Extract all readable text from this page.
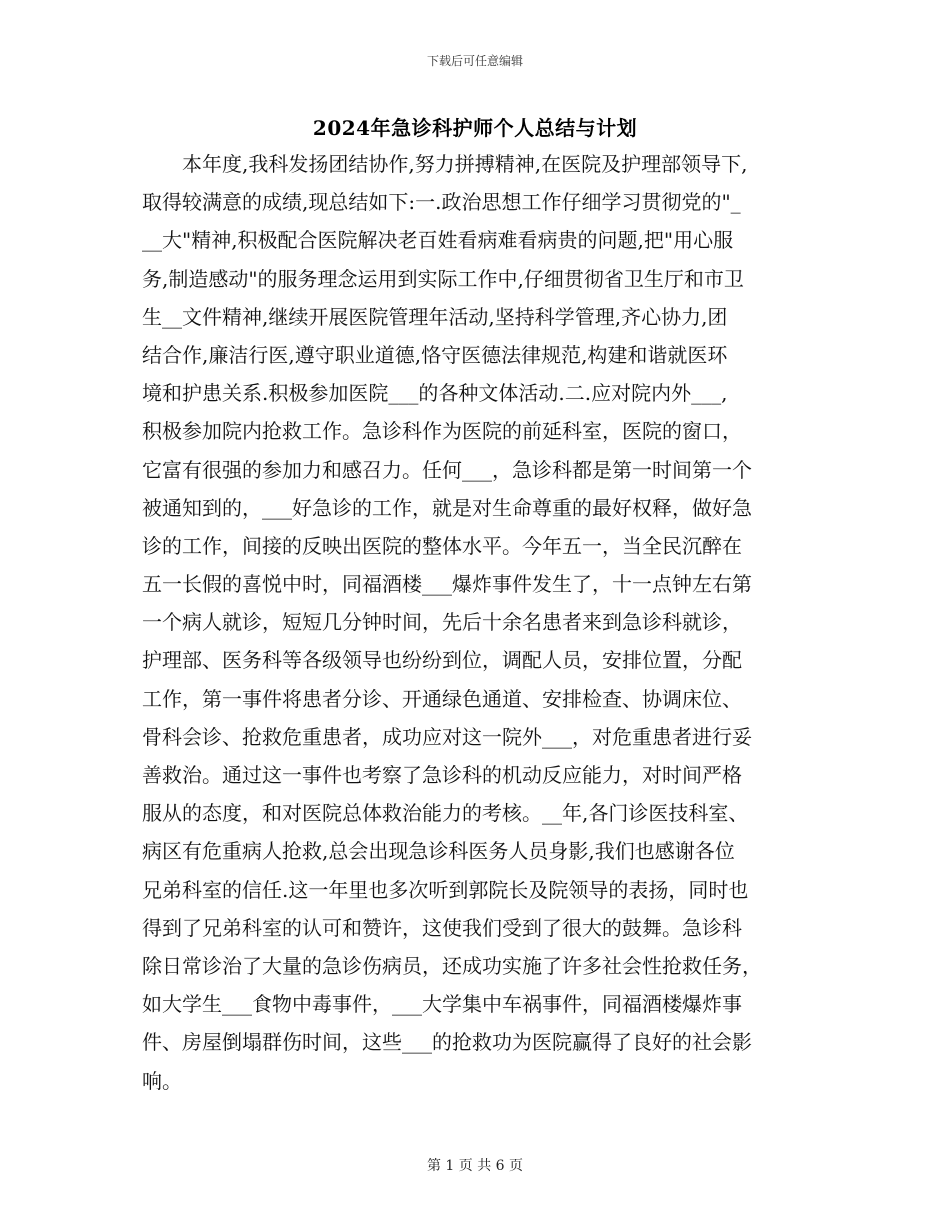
下载后可任意编辑
2024年急诊科护师个人总结与计划
本年度,我科发扬团结协作,努力拼搏精神,在医院及护理部领导下,
取得较满意的成绩,现总结如下:一.政治思想工作仔细学习贯彻党的"_
__大"精神,积极配合医院解决老百姓看病难看病贵的问题,把"用心服
务,制造感动"的服务理念运用到实际工作中,仔细贯彻省卫生厅和市卫
生__文件精神,继续开展医院管理年活动,坚持科学管理,齐心协力,团
结合作,廉洁行医,遵守职业道德,恪守医德法律规范,构建和谐就医环
境和护患关系.积极参加医院___的各种文体活动.二.应对院内外___,
积极参加院内抢救工作。急诊科作为医院的前延科室，医院的窗口，
它富有很强的参加力和感召力。任何___，急诊科都是第一时间第一个
被通知到的，___好急诊的工作，就是对生命尊重的最好权释，做好急
诊的工作，间接的反映出医院的整体水平。今年五一，当全民沉醉在
五一长假的喜悦中时，同福酒楼___爆炸事件发生了，十一点钟左右第
一个病人就诊，短短几分钟时间，先后十余名患者来到急诊科就诊，
护理部、医务科等各级领导也纷纷到位，调配人员，安排位置，分配
工作，第一事件将患者分诊、开通绿色通道、安排检查、协调床位、
骨科会诊、抢救危重患者，成功应对这一院外___，对危重患者进行妥
善救治。通过这一事件也考察了急诊科的机动反应能力，对时间严格
服从的态度，和对医院总体救治能力的考核。__年,各门诊医技科室、
病区有危重病人抢救,总会出现急诊科医务人员身影,我们也感谢各位
兄弟科室的信任.这一年里也多次听到郭院长及院领导的表扬，同时也
得到了兄弟科室的认可和赞许，这使我们受到了很大的鼓舞。急诊科
除日常诊治了大量的急诊伤病员，还成功实施了许多社会性抢救任务，
如大学生___食物中毒事件，___大学集中车祸事件，同福酒楼爆炸事
件、房屋倒塌群伤时间，这些___的抢救功为医院赢得了良好的社会影
响。
第 1 页 共 6 页
